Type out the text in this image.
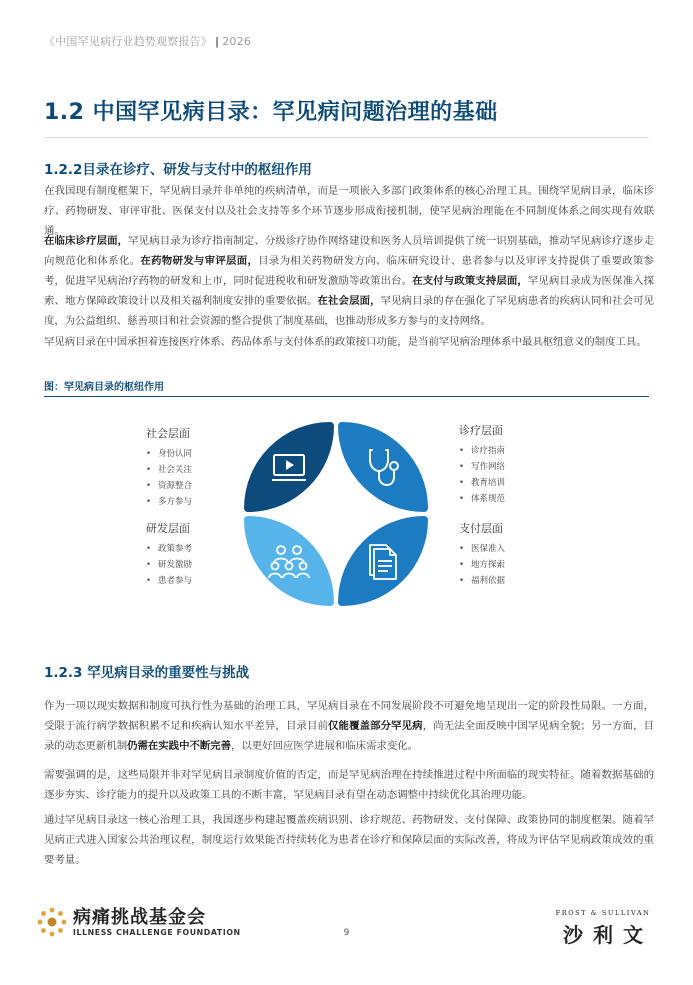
《中国罕见病行业趋势观察报告》 | 2026
1.2 中国罕见病目录：罕见病问题治理的基础
1.2.2目录在诊疗、研发与支付中的枢纽作用
在我国现有制度框架下，罕见病目录并非单纯的疾病清单，而是一项嵌入多部门政策体系的核心治理工具。围绕罕见病目录，临床诊疗、药物研发、审评审批、医保支付以及社会支持等多个环节逐步形成衔接机制，使罕见病治理能在不同制度体系之间实现有效联通。
在临床诊疗层面，罕见病目录为诊疗指南制定、分级诊疗协作网络建设和医务人员培训提供了统一识别基础，推动罕见病诊疗逐步走向规范化和体系化。在药物研发与审评层面，目录为相关药物研发方向、临床研究设计、患者参与以及审评支持提供了重要政策参考，促进罕见病治疗药物的研发和上市，同时促进税收和研发激励等政策出台。在支付与政策支持层面，罕见病目录成为医保准入探索、地方保障政策设计以及相关福利制度安排的重要依据。在社会层面，罕见病目录的存在强化了罕见病患者的疾病认同和社会可见度，为公益组织、慈善项目和社会资源的整合提供了制度基础，也推动形成多方参与的支持网络。
罕见病目录在中国承担着连接医疗体系、药品体系与支付体系的政策接口功能，是当前罕见病治理体系中最具枢纽意义的制度工具。
图：罕见病目录的枢纽作用
社会层面
• 身份认同
• 社会关注
• 资源整合
• 多方参与
诊疗层面
• 诊疗指南
• 写作网络
• 教育培训
• 体系规范
研发层面
• 政策参考
• 研发激励
• 患者参与
支付层面
• 医保准入
• 地方探索
• 福利依据
1.2.3 罕见病目录的重要性与挑战
作为一项以现实数据和制度可执行性为基础的治理工具，罕见病目录在不同发展阶段不可避免地呈现出一定的阶段性局限。一方面，受限于流行病学数据积累不足和疾病认知水平差异，目录目前仅能覆盖部分罕见病，尚无法全面反映中国罕见病全貌；另一方面，目录的动态更新机制仍需在实践中不断完善，以更好回应医学进展和临床需求变化。
需要强调的是，这些局限并非对罕见病目录制度价值的否定，而是罕见病治理在持续推进过程中所面临的现实特征。随着数据基础的逐步夯实、诊疗能力的提升以及政策工具的不断丰富，罕见病目录有望在动态调整中持续优化其治理功能。
通过罕见病目录这一核心治理工具，我国逐步构建起覆盖疾病识别、诊疗规范、药物研发、支付保障、政策协同的制度框架。随着罕见病正式进入国家公共治理议程，制度运行效果能否持续转化为患者在诊疗和保障层面的实际改善，将成为评估罕见病政策成效的重要考量。
病痛挑战基金会
ILLNESS CHALLENGE FOUNDATION	9
FROST & SULLIVAN
沙利文
